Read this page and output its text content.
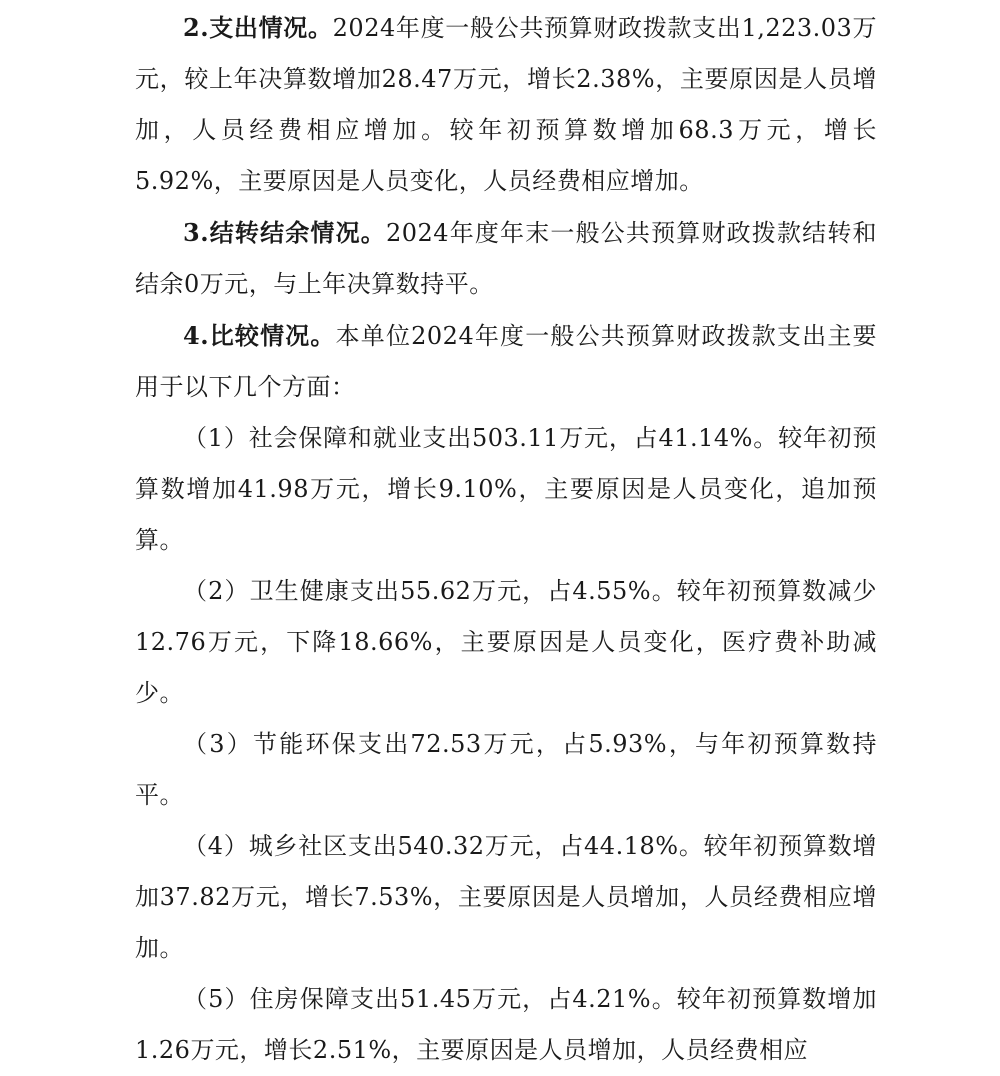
2.支出情况。2024年度一般公共预算财政拨款支出1,223.03万元，较上年决算数增加28.47万元，增长2.38%，主要原因是人员增加，人员经费相应增加。较年初预算数增加68.3万元，增长5.92%，主要原因是人员变化，人员经费相应增加。

3.结转结余情况。2024年度年末一般公共预算财政拨款结转和结余0万元，与上年决算数持平。

4.比较情况。本单位2024年度一般公共预算财政拨款支出主要用于以下几个方面：

（1）社会保障和就业支出503.11万元，占41.14%。较年初预算数增加41.98万元，增长9.10%，主要原因是人员变化，追加预算。

（2）卫生健康支出55.62万元，占4.55%。较年初预算数减少12.76万元，下降18.66%，主要原因是人员变化，医疗费补助减少。

（3）节能环保支出72.53万元，占5.93%，与年初预算数持平。

（4）城乡社区支出540.32万元，占44.18%。较年初预算数增加37.82万元，增长7.53%，主要原因是人员增加，人员经费相应增加。

（5）住房保障支出51.45万元，占4.21%。较年初预算数增加1.26万元，增长2.51%，主要原因是人员增加，人员经费相应
